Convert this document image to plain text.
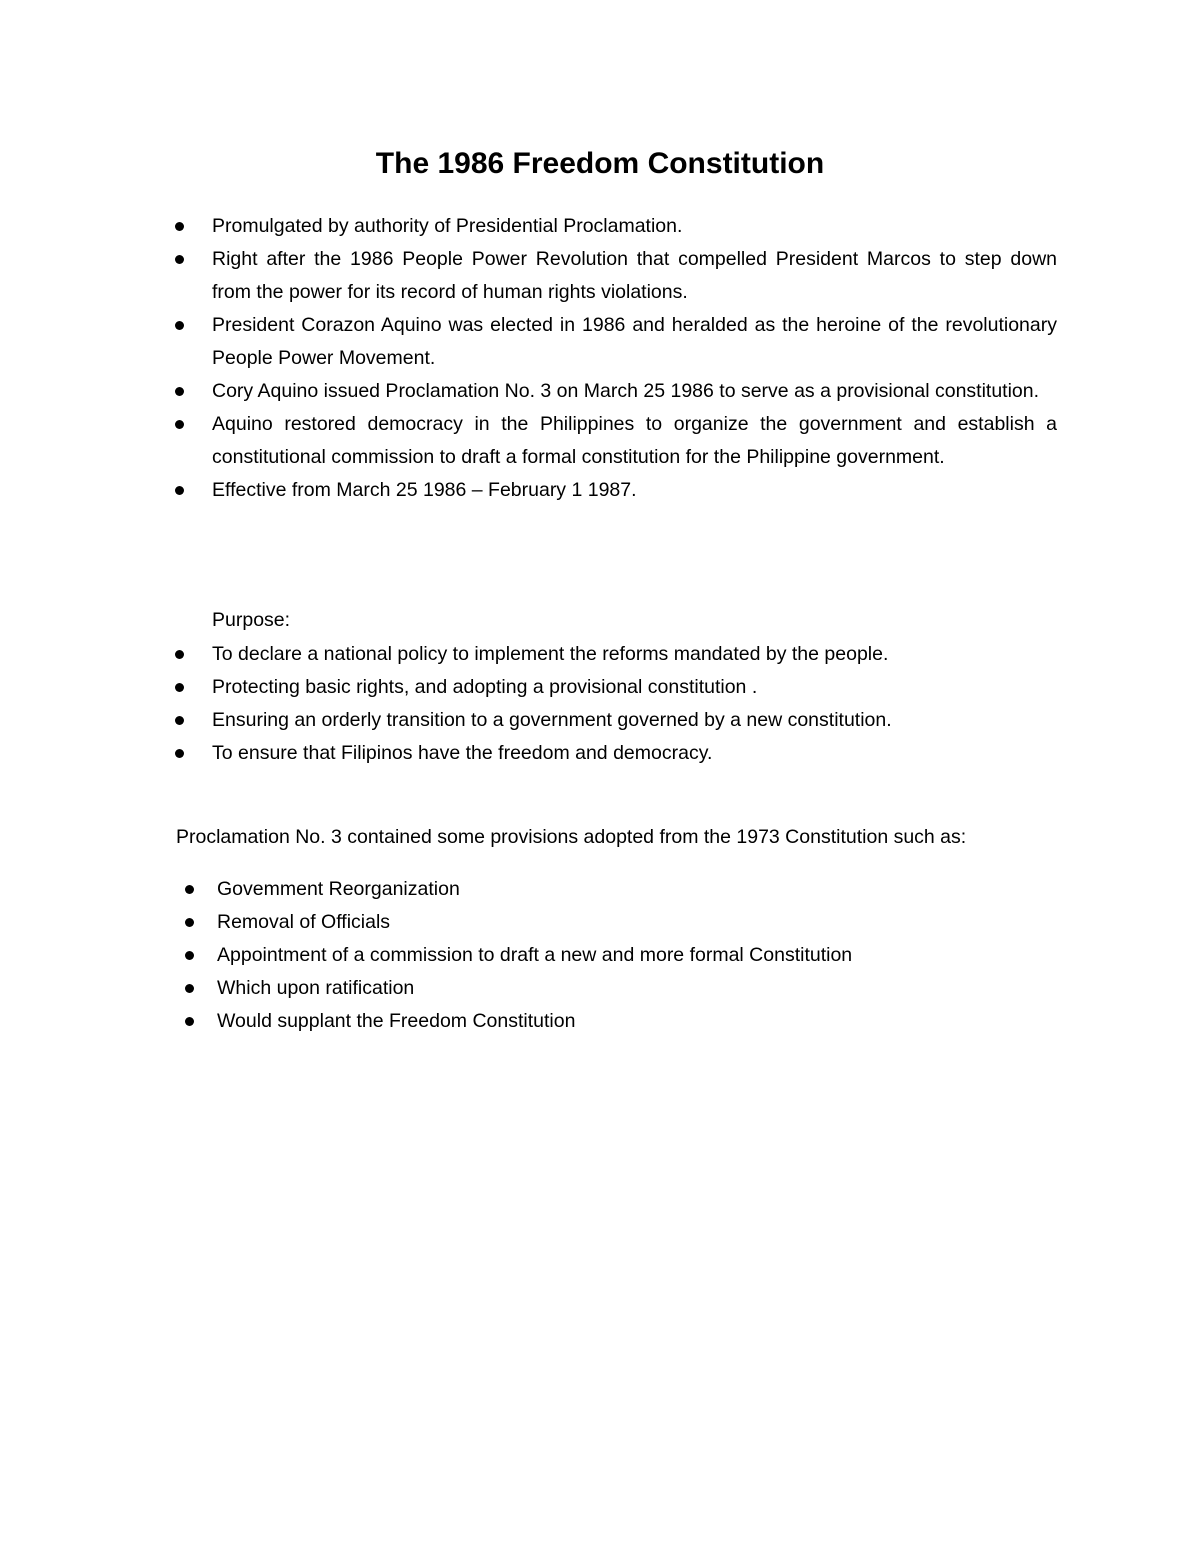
The 1986 Freedom Constitution
Promulgated by authority of Presidential Proclamation.
Right after the 1986 People Power Revolution that compelled President Marcos to step down from the power for its record of human rights violations.
President Corazon Aquino was elected in 1986 and heralded as the heroine of the revolutionary People Power Movement.
Cory Aquino issued Proclamation No. 3 on March 25 1986 to serve as a provisional constitution.
Aquino restored democracy in the Philippines to organize the government and establish a constitutional commission to draft a formal constitution for the Philippine government.
Effective from March 25 1986 – February 1 1987.

Purpose:

To declare a national policy to implement the reforms mandated by the people.
Protecting basic rights, and adopting a provisional constitution .
Ensuring an orderly transition to a government governed by a new constitution.
To ensure that Filipinos have the freedom and democracy.

Proclamation No. 3 contained some provisions adopted from the 1973 Constitution such as:

Govemment Reorganization
Removal of Officials
Appointment of a commission to draft a new and more formal Constitution
Which upon ratification
Would supplant the Freedom Constitution
